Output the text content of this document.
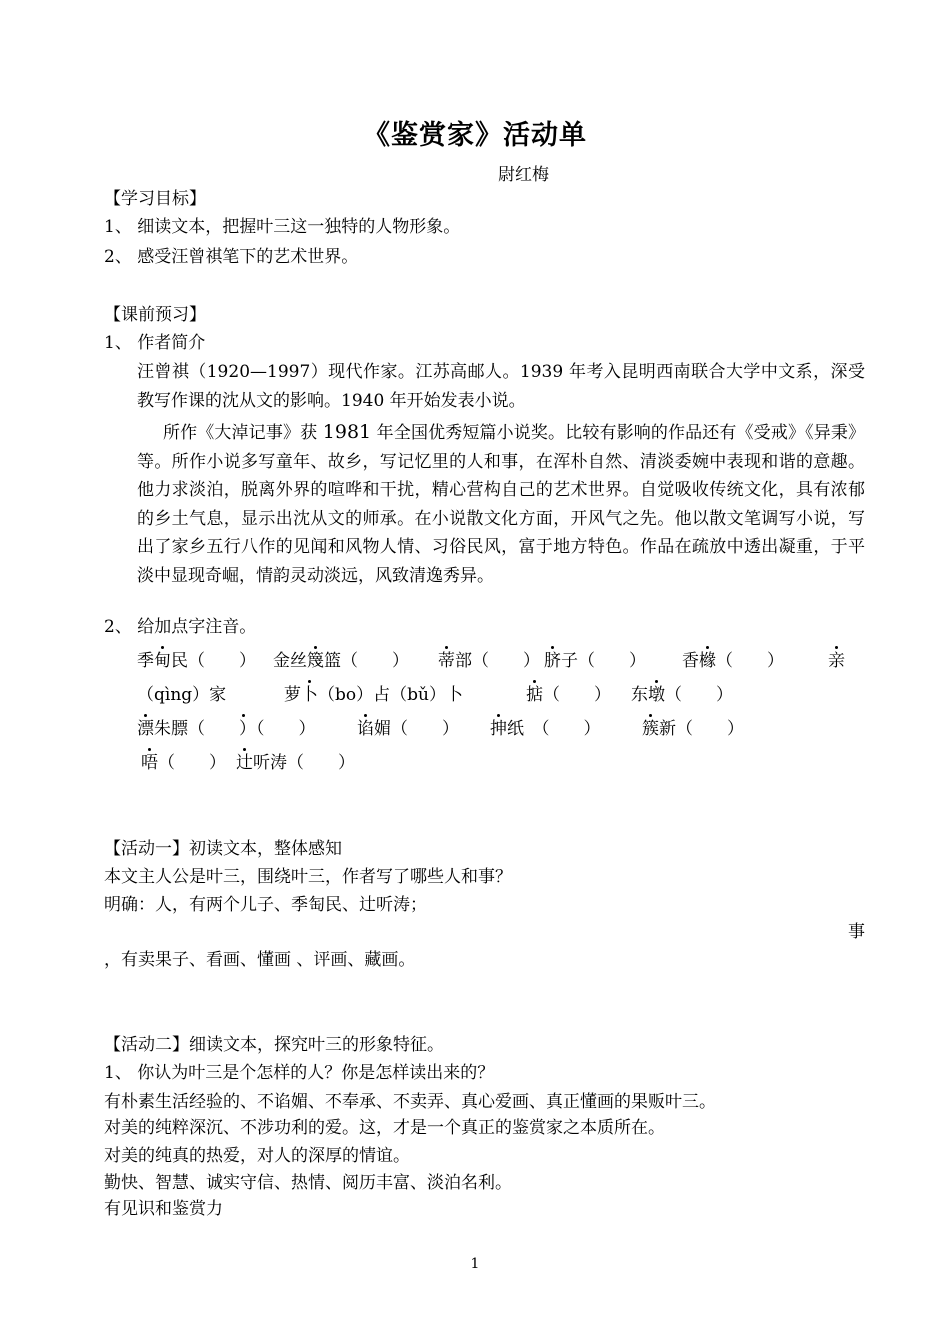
《鉴赏家》活动单
尉红梅
【学习目标】
1、 细读文本，把握叶三这一独特的人物形象。
2、 感受汪曾祺笔下的艺术世界。
【课前预习】
1、 作者简介
汪曾祺（1920—1997）现代作家。江苏高邮人。1939 年考入昆明西南联合大学中文系，深受教写作课的沈从文的影响。1940 年开始发表小说。
所作《大淖记事》获 1981 年全国优秀短篇小说奖。比较有影响的作品还有《受戒》《异秉》等。所作小说多写童年、故乡，写记忆里的人和事，在浑朴自然、清淡委婉中表现和谐的意趣。他力求淡泊，脱离外界的喧哗和干扰，精心营构自己的艺术世界。自觉吸收传统文化，具有浓郁的乡土气息，显示出沈从文的师承。在小说散文化方面，开风气之先。他以散文笔调写小说，写出了家乡五行八作的见闻和风物人情、习俗民风，富于地方特色。作品在疏放中透出凝重，于平淡中显现奇崛，情韵灵动淡远，风致清逸秀异。
2、 给加点字注音。
季甸民（　　） 金丝篾篮（　　） 蒂部（　　） 脐子（　　） 香橼（　　）	亲
（qìng）家	萝卜（bo）占（bǔ）卜	掂（　　） 东墩（　　）
漂朱膘（　　）（　　） 谄媚（　　） 抻纸　（　　） 簇新（　　）
唔（　　） 辻听涛（　　）
【活动一】初读文本，整体感知
本文主人公是叶三，围绕叶三，作者写了哪些人和事？
明确：人，有两个儿子、季匋民、辻听涛；
事
，有卖果子、看画、懂画 、评画、藏画。
【活动二】细读文本，探究叶三的形象特征。
1、 你认为叶三是个怎样的人？你是怎样读出来的？
有朴素生活经验的、不谄媚、不奉承、不卖弄、真心爱画、真正懂画的果贩叶三。
对美的纯粹深沉、不涉功利的爱。这，才是一个真正的鉴赏家之本质所在。
对美的纯真的热爱，对人的深厚的情谊。
勤快、智慧、诚实守信、热情、阅历丰富、淡泊名利。
有见识和鉴赏力
1
